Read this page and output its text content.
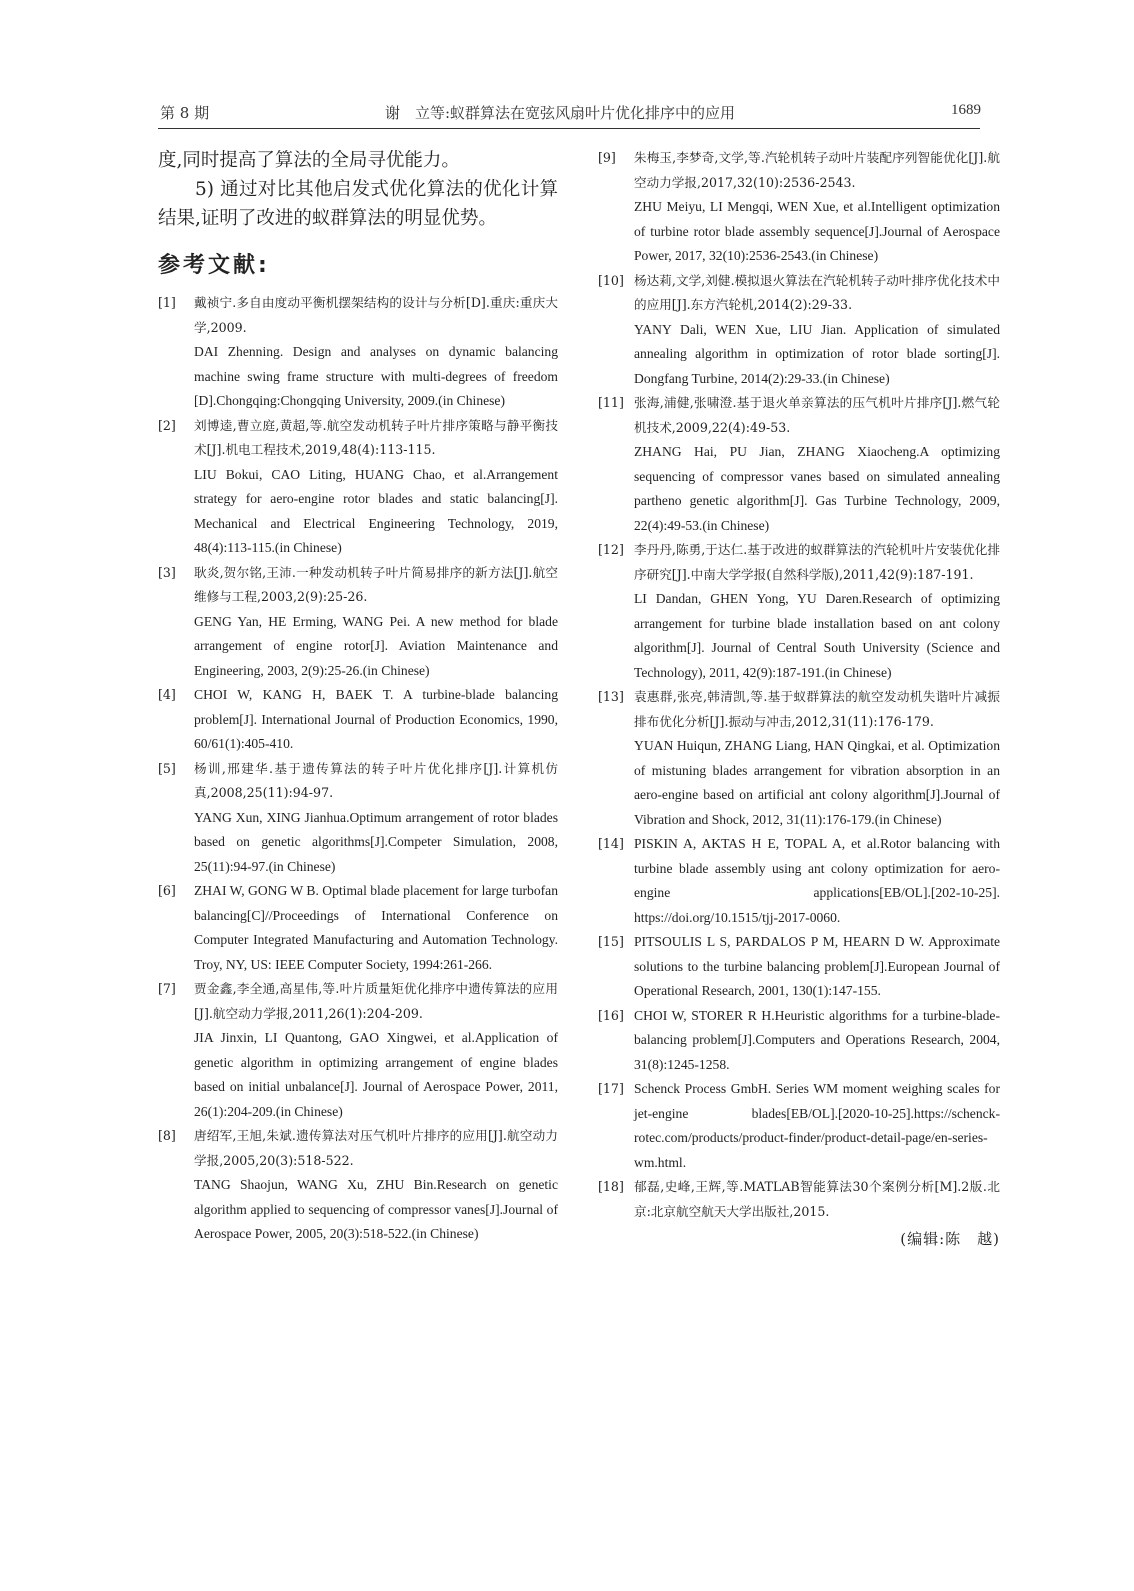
第 8 期	谢　立等:蚁群算法在宽弦风扇叶片优化排序中的应用	1689

度,同时提高了算法的全局寻优能力。

5) 通过对比其他启发式优化算法的优化计算结果,证明了改进的蚁群算法的明显优势。

参考文献:
[1] 戴祯宁.多自由度动平衡机摆架结构的设计与分析[D].重庆:重庆大学,2009.
DAI Zhenning. Design and analyses on dynamic balancing machine swing frame structure with multi-degrees of freedom [D].Chongqing:Chongqing University, 2009.(in Chinese)
[2] 刘博逵,曹立庭,黄超,等.航空发动机转子叶片排序策略与静平衡技术[J].机电工程技术,2019,48(4):113-115.
LIU Bokui, CAO Liting, HUANG Chao, et al.Arrangement strategy for aero-engine rotor blades and static balancing[J]. Mechanical and Electrical Engineering Technology, 2019, 48(4):113-115.(in Chinese)
[3] 耿炎,贺尔铭,王沛.一种发动机转子叶片简易排序的新方法[J].航空维修与工程,2003,2(9):25-26.
GENG Yan, HE Erming, WANG Pei. A new method for blade arrangement of engine rotor[J]. Aviation Maintenance and Engineering, 2003, 2(9):25-26.(in Chinese)
[4] CHOI W, KANG H, BAEK T. A turbine-blade balancing problem[J]. International Journal of Production Economics, 1990, 60/61(1):405-410.
[5] 杨训,邢建华.基于遗传算法的转子叶片优化排序[J].计算机仿真,2008,25(11):94-97.
YANG Xun, XING Jianhua.Optimum arrangement of rotor blades based on genetic algorithms[J].Competer Simulation, 2008, 25(11):94-97.(in Chinese)
[6] ZHAI W, GONG W B. Optimal blade placement for large turbofan balancing[C]//Proceedings of International Conference on Computer Integrated Manufacturing and Automation Technology. Troy, NY, US: IEEE Computer Society, 1994:261-266.
[7] 贾金鑫,李全通,高星伟,等.叶片质量矩优化排序中遗传算法的应用[J].航空动力学报,2011,26(1):204-209.
JIA Jinxin, LI Quantong, GAO Xingwei, et al.Application of genetic algorithm in optimizing arrangement of engine blades based on initial unbalance[J]. Journal of Aerospace Power, 2011, 26(1):204-209.(in Chinese)
[8] 唐绍军,王旭,朱斌.遗传算法对压气机叶片排序的应用[J].航空动力学报,2005,20(3):518-522.
TANG Shaojun, WANG Xu, ZHU Bin.Research on genetic algorithm applied to sequencing of compressor vanes[J].Journal of Aerospace Power, 2005, 20(3):518-522.(in Chinese)
[9] 朱梅玉,李梦奇,文学,等.汽轮机转子动叶片装配序列智能优化[J].航空动力学报,2017,32(10):2536-2543.
ZHU Meiyu, LI Mengqi, WEN Xue, et al.Intelligent optimization of turbine rotor blade assembly sequence[J].Journal of Aerospace Power, 2017, 32(10):2536-2543.(in Chinese)
[10] 杨达莉,文学,刘健.模拟退火算法在汽轮机转子动叶排序优化技术中的应用[J].东方汽轮机,2014(2):29-33.
YANY Dali, WEN Xue, LIU Jian. Application of simulated annealing algorithm in optimization of rotor blade sorting[J]. Dongfang Turbine, 2014(2):29-33.(in Chinese)
[11] 张海,浦健,张啸澄.基于退火单亲算法的压气机叶片排序[J].燃气轮机技术,2009,22(4):49-53.
ZHANG Hai, PU Jian, ZHANG Xiaocheng.A optimizing sequencing of compressor vanes based on simulated annealing partheno genetic algorithm[J]. Gas Turbine Technology, 2009, 22(4):49-53.(in Chinese)
[12] 李丹丹,陈勇,于达仁.基于改进的蚁群算法的汽轮机叶片安装优化排序研究[J].中南大学学报(自然科学版),2011,42(9):187-191.
LI Dandan, GHEN Yong, YU Daren.Research of optimizing arrangement for turbine blade installation based on ant colony algorithm[J]. Journal of Central South University (Science and Technology), 2011, 42(9):187-191.(in Chinese)
[13] 袁惠群,张亮,韩清凯,等.基于蚁群算法的航空发动机失谐叶片减振排布优化分析[J].振动与冲击,2012,31(11):176-179.
YUAN Huiqun, ZHANG Liang, HAN Qingkai, et al. Optimization of mistuning blades arrangement for vibration absorption in an aero-engine based on artificial ant colony algorithm[J].Journal of Vibration and Shock, 2012, 31(11):176-179.(in Chinese)
[14] PISKIN A, AKTAS H E, TOPAL A, et al.Rotor balancing with turbine blade assembly using ant colony optimization for aero-engine applications[EB/OL].[202-10-25]. https://doi.org/10.1515/tjj-2017-0060.
[15] PITSOULIS L S, PARDALOS P M, HEARN D W. Approximate solutions to the turbine balancing problem[J].European Journal of Operational Research, 2001, 130(1):147-155.
[16] CHOI W, STORER R H.Heuristic algorithms for a turbine-blade-balancing problem[J].Computers and Operations Research, 2004, 31(8):1245-1258.
[17] Schenck Process GmbH. Series WM moment weighing scales for jet-engine blades[EB/OL].[2020-10-25].https://schenck-rotec.com/products/product-finder/product-detail-page/en-series-wm.html.
[18] 郁磊,史峰,王辉,等.MATLAB智能算法30个案例分析[M].2版.北京:北京航空航天大学出版社,2015.
(编辑:陈　越)
